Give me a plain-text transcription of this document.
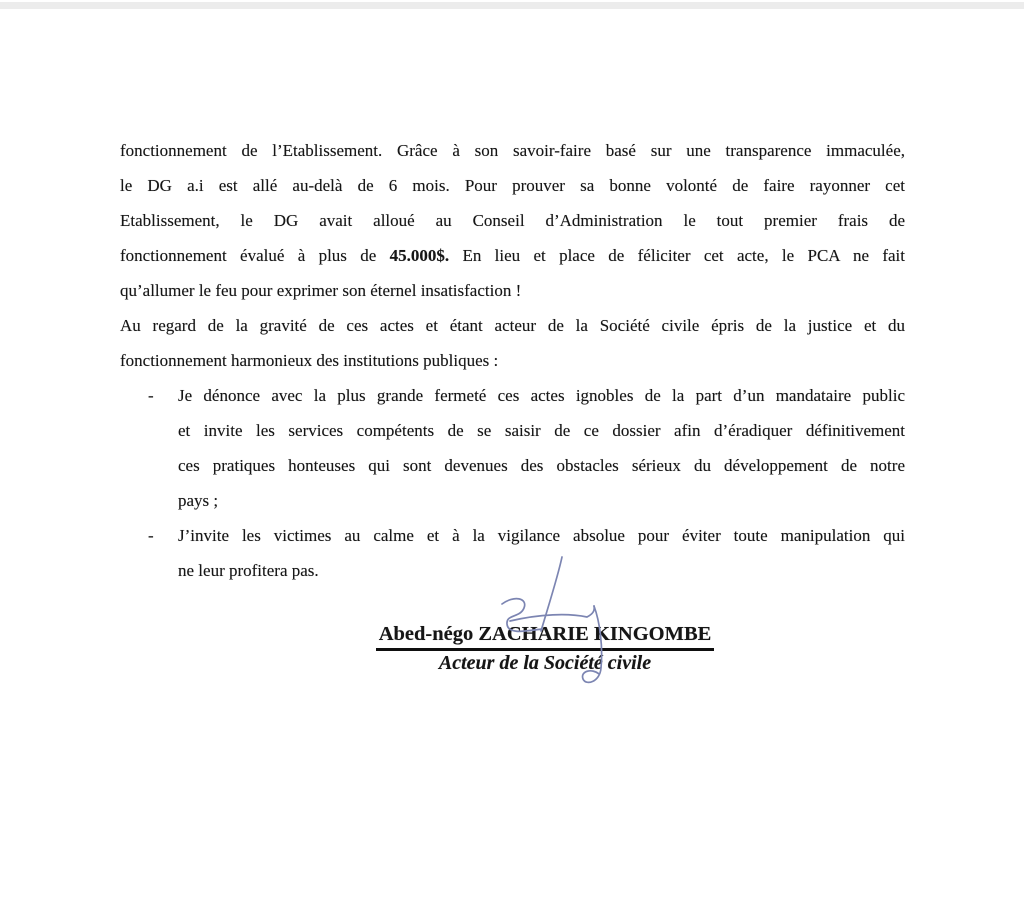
fonctionnement de l’Etablissement. Grâce à son savoir-faire basé sur une transparence immaculée,
le DG a.i est allé au-delà de 6 mois. Pour prouver sa bonne volonté de faire rayonner cet
Etablissement, le DG avait alloué au Conseil d’Administration le tout premier frais de
fonctionnement évalué à plus de 45.000$. En lieu et place de féliciter cet acte, le PCA ne fait
qu’allumer le feu pour exprimer son éternel insatisfaction !
Au regard de la gravité de ces actes et étant acteur de la Société civile épris de la justice et du
fonctionnement harmonieux des institutions publiques :
- Je dénonce avec la plus grande fermeté ces actes ignobles de la part d’un mandataire public
et invite les services compétents de se saisir de ce dossier afin d’éradiquer définitivement
ces pratiques honteuses qui sont devenues des obstacles sérieux du développement de notre
pays ;
- J’invite les victimes au calme et à la vigilance absolue pour éviter toute manipulation qui
ne leur profitera pas.
Abed-négo ZACHARIE KINGOMBE
Acteur de la Société civile
